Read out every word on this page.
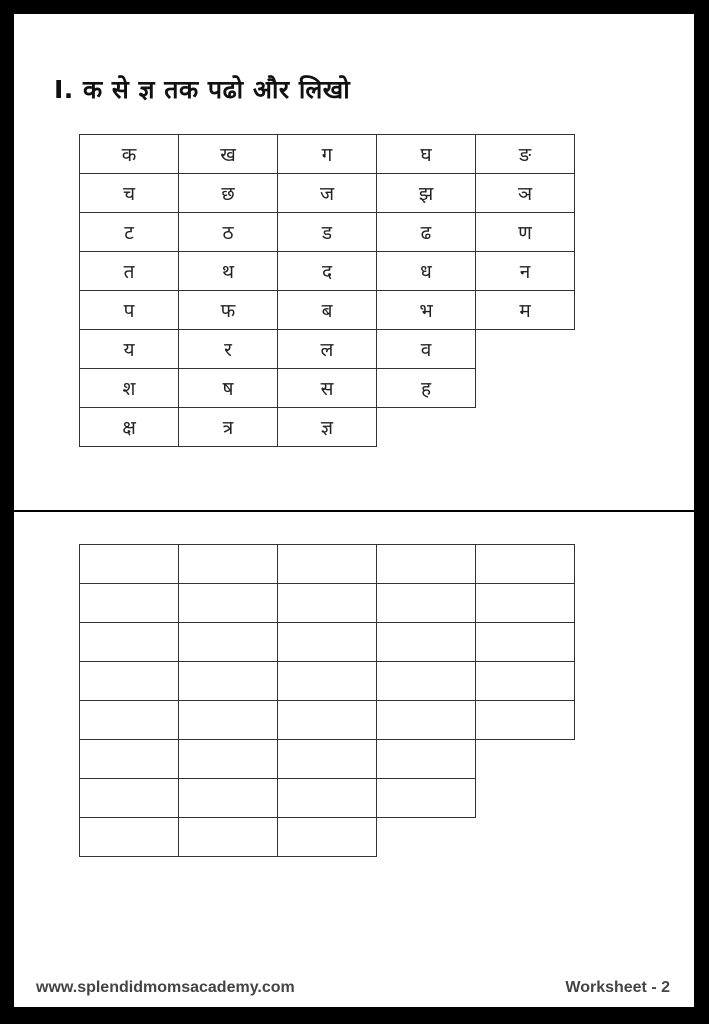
I. क से ज्ञ तक पढो और लिखो
क	ख	ग	घ	ङ
च	छ	ज	झ	ञ
ट	ठ	ड	ढ	ण
त	थ	द	ध	न
प	फ	ब	भ	म
य	र	ल	व	
श	ष	स	ह	
क्ष	त्र	ज्ञ		

www.splendidmomsacademy.com	Worksheet - 2
